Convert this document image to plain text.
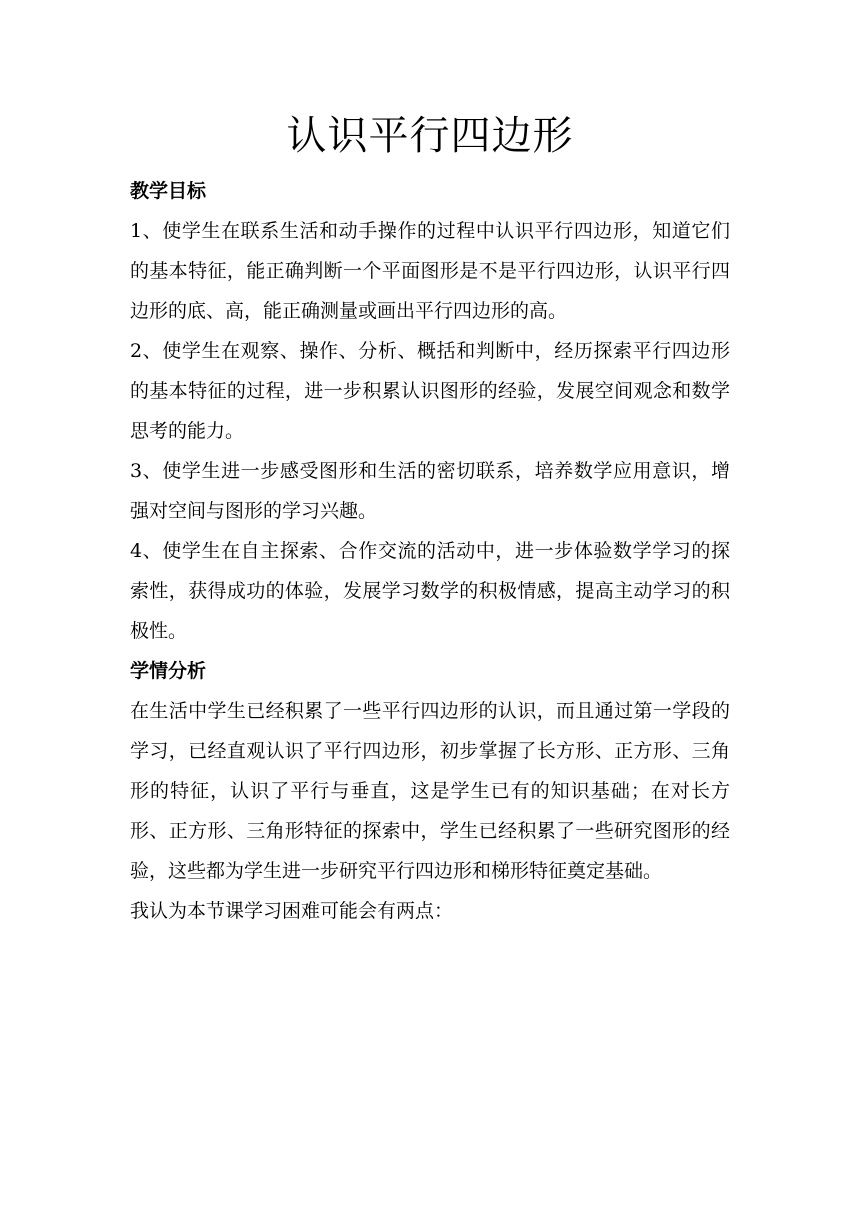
认识平行四边形
教学目标

1、使学生在联系生活和动手操作的过程中认识平行四边形，知道它们的基本特征，能正确判断一个平面图形是不是平行四边形，认识平行四边形的底、高，能正确测量或画出平行四边形的高。

2、使学生在观察、操作、分析、概括和判断中，经历探索平行四边形的基本特征的过程，进一步积累认识图形的经验，发展空间观念和数学思考的能力。

3、使学生进一步感受图形和生活的密切联系，培养数学应用意识，增强对空间与图形的学习兴趣。

4、使学生在自主探索、合作交流的活动中，进一步体验数学学习的探索性，获得成功的体验，发展学习数学的积极情感，提高主动学习的积极性。

学情分析

在生活中学生已经积累了一些平行四边形的认识，而且通过第一学段的学习，已经直观认识了平行四边形，初步掌握了长方形、正方形、三角形的特征，认识了平行与垂直，这是学生已有的知识基础；在对长方形、正方形、三角形特征的探索中，学生已经积累了一些研究图形的经验，这些都为学生进一步研究平行四边形和梯形特征奠定基础。

我认为本节课学习困难可能会有两点：
